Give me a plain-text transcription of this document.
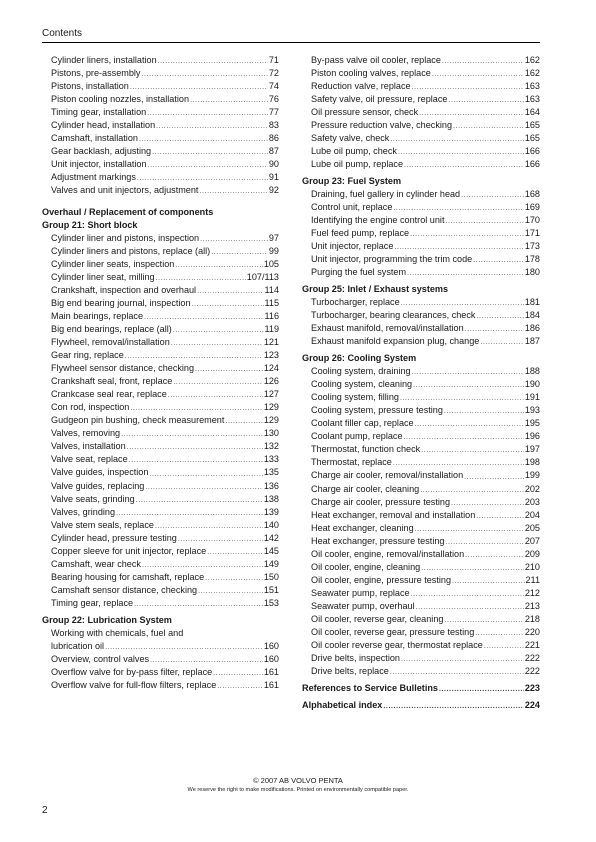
Contents
Cylinder liners, installation .....	71
Pistons, pre-assembly .....	72
Pistons, installation .....	74
Piston cooling nozzles, installation .....	76
Timing gear, installation .....	77
Cylinder head, installation .....	83
Camshaft, installation .....	86
Gear backlash, adjusting .....	87
Unit injector, installation .....	90
Adjustment markings .....	91
Valves and unit injectors, adjustment .....	92
Overhaul / Replacement of components
Group 21: Short block
Cylinder liner and pistons, inspection .....	97
Cylinder liners and pistons, replace (all) .....	99
Cylinder liner seats, inspection .....	105
Cylinder liner seat, milling .....	107/113
Crankshaft, inspection and overhaul .....	114
Big end bearing journal, inspection .....	115
Main bearings, replace .....	116
Big end bearings, replace (all) .....	119
Flywheel, removal/installation .....	121
Gear ring, replace .....	123
Flywheel sensor distance, checking .....	124
Crankshaft seal, front, replace .....	126
Crankcase seal rear, replace .....	127
Con rod, inspection .....	129
Gudgeon pin bushing, check measurement .....	129
Valves, removing .....	130
Valves, installation .....	132
Valve seat, replace .....	133
Valve guides, inspection .....	135
Valve guides, replacing .....	136
Valve seats, grinding .....	138
Valves, grinding .....	139
Valve stem seals, replace .....	140
Cylinder head, pressure testing .....	142
Copper sleeve for unit injector, replace .....	145
Camshaft, wear check .....	149
Bearing housing for camshaft, replace .....	150
Camshaft sensor distance, checking .....	151
Timing gear, replace .....	153
Group 22: Lubrication System
Working with chemicals, fuel and
lubrication oil .....	160
Overview, control valves .....	160
Overflow valve for by-pass filter, replace .....	161
Overflow valve for full-flow filters, replace .....	161
By-pass valve oil cooler, replace .....	162
Piston cooling valves, replace .....	162
Reduction valve, replace .....	163
Safety valve, oil pressure, replace .....	163
Oil pressure sensor, check .....	164
Pressure reduction valve, checking .....	165
Safety valve, check .....	165
Lube oil pump, check .....	166
Lube oil pump, replace .....	166
Group 23: Fuel System
Draining, fuel gallery in cylinder head .....	168
Control unit, replace .....	169
Identifying the engine control unit .....	170
Fuel feed pump, replace .....	171
Unit injector, replace .....	173
Unit injector, programming the trim code .....	178
Purging the fuel system .....	180
Group 25: Inlet / Exhaust systems
Turbocharger, replace .....	181
Turbocharger, bearing clearances, check .....	184
Exhaust manifold, removal/installation .....	186
Exhaust manifold expansion plug, change .....	187
Group 26: Cooling System
Cooling system, draining .....	188
Cooling system, cleaning .....	190
Cooling system, filling .....	191
Cooling system, pressure testing .....	193
Coolant filler cap, replace .....	195
Coolant pump, replace .....	196
Thermostat, function check .....	197
Thermostat, replace .....	198
Charge air cooler, removal/installation .....	199
Charge air cooler, cleaning .....	202
Charge air cooler, pressure testing .....	203
Heat exchanger, removal and installation .....	204
Heat exchanger, cleaning .....	205
Heat exchanger, pressure testing .....	207
Oil cooler, engine, removal/installation .....	209
Oil cooler, engine, cleaning .....	210
Oil cooler, engine, pressure testing .....	211
Seawater pump, replace .....	212
Seawater pump, overhaul .....	213
Oil cooler, reverse gear, cleaning .....	218
Oil cooler, reverse gear, pressure testing .....	220
Oil cooler reverse gear, thermostat replace .....	221
Drive belts, inspection .....	222
Drive belts, replace .....	222
References to Service Bulletins .....	223
Alphabetical index .....	224
© 2007 AB VOLVO PENTA
We reserve the right to make modifications. Printed on environmentally compatible paper.
2
